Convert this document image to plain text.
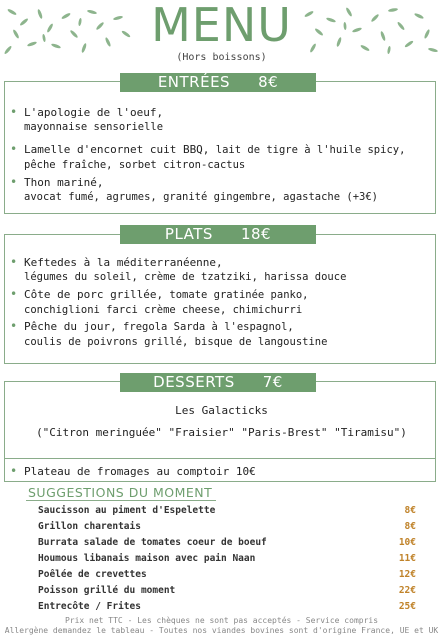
MENU
(Hors boissons)
ENTRÉES 8€
• L'apologie de l'oeuf,
mayonnaise sensorielle
• Lamelle d'encornet cuit BBQ, lait de tigre à l'huile spicy,
pêche fraîche, sorbet citron-cactus
• Thon mariné,
avocat fumé, agrumes, granité gingembre, agastache (+3€)
PLATS 18€
• Keftedes à la méditerranéenne,
légumes du soleil, crème de tzatziki, harissa douce
• Côte de porc grillée, tomate gratinée panko,
conchiglioni farci crème cheese, chimichurri
• Pêche du jour, fregola Sarda à l'espagnol,
coulis de poivrons grillé, bisque de langoustine
DESSERTS 7€
Les Galacticks
("Citron meringuée" "Fraisier" "Paris-Brest" "Tiramisu")
• Plateau de fromages au comptoir 10€
SUGGESTIONS DU MOMENT
Saucisson au piment d'Espelette	8€
Grillon charentais	8€
Burrata salade de tomates coeur de boeuf	10€
Houmous libanais maison avec pain Naan	11€
Poêlée de crevettes	12€
Poisson grillé du moment	22€
Entrecôte / Frites	25€
Prix net TTC - Les chèques ne sont pas acceptés - Service compris
Allergène demandez le tableau - Toutes nos viandes bovines sont d'origine France, UE et UK
